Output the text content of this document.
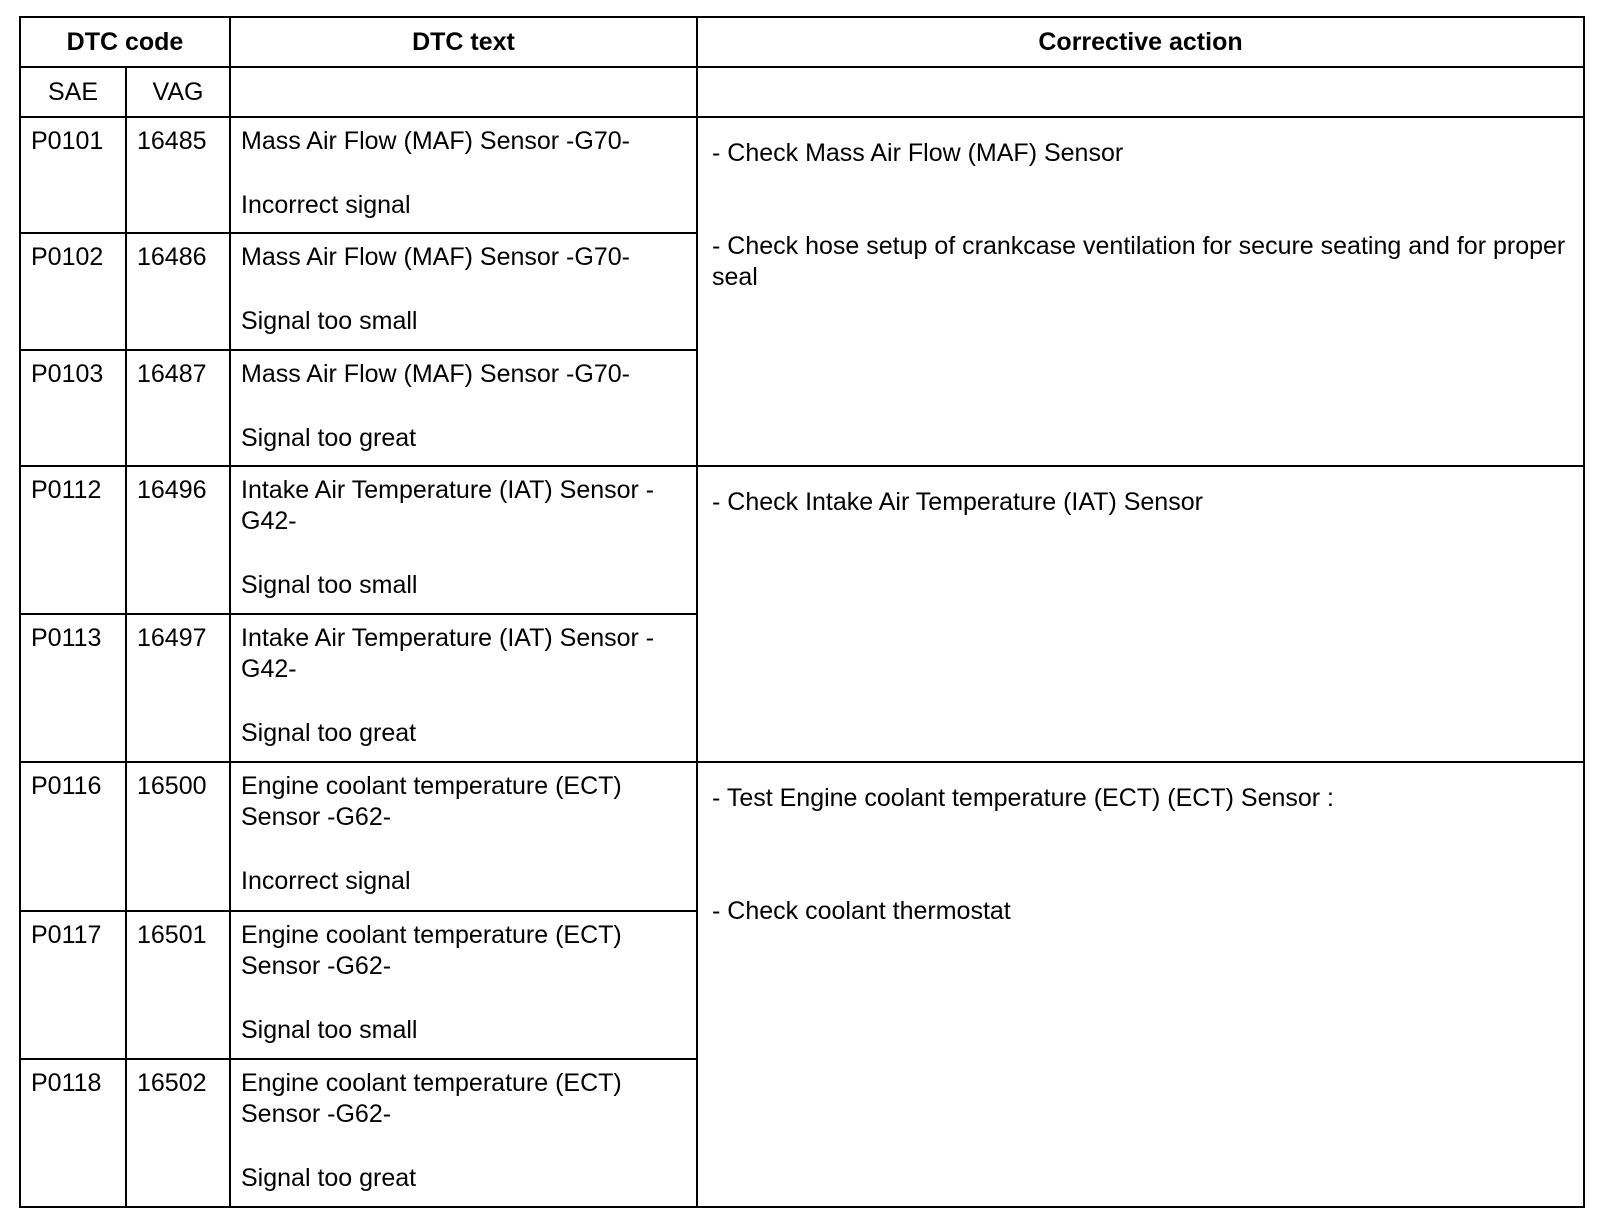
DTC code		DTC text	Corrective action
SAE	VAG		
P0101	16485	Mass Air Flow (MAF) Sensor -G70-
Incorrect signal	- Check Mass Air Flow (MAF) Sensor
- Check hose setup of crankcase ventilation for secure seating and for proper seal

P0102	16486	Mass Air Flow (MAF) Sensor -G70-
Signal too small	

P0103	16487	Mass Air Flow (MAF) Sensor -G70-
Signal too great	

P0112	16496	Intake Air Temperature (IAT) Sensor -G42-
Signal too small	- Check Intake Air Temperature (IAT) Sensor

P0113	16497	Intake Air Temperature (IAT) Sensor -G42-
Signal too great	

P0116	16500	Engine coolant temperature (ECT) Sensor -G62-
Incorrect signal	- Test Engine coolant temperature (ECT) (ECT) Sensor :
- Check coolant thermostat

P0117	16501	Engine coolant temperature (ECT) Sensor -G62-
Signal too small	

P0118	16502	Engine coolant temperature (ECT) Sensor -G62-
Signal too great	
